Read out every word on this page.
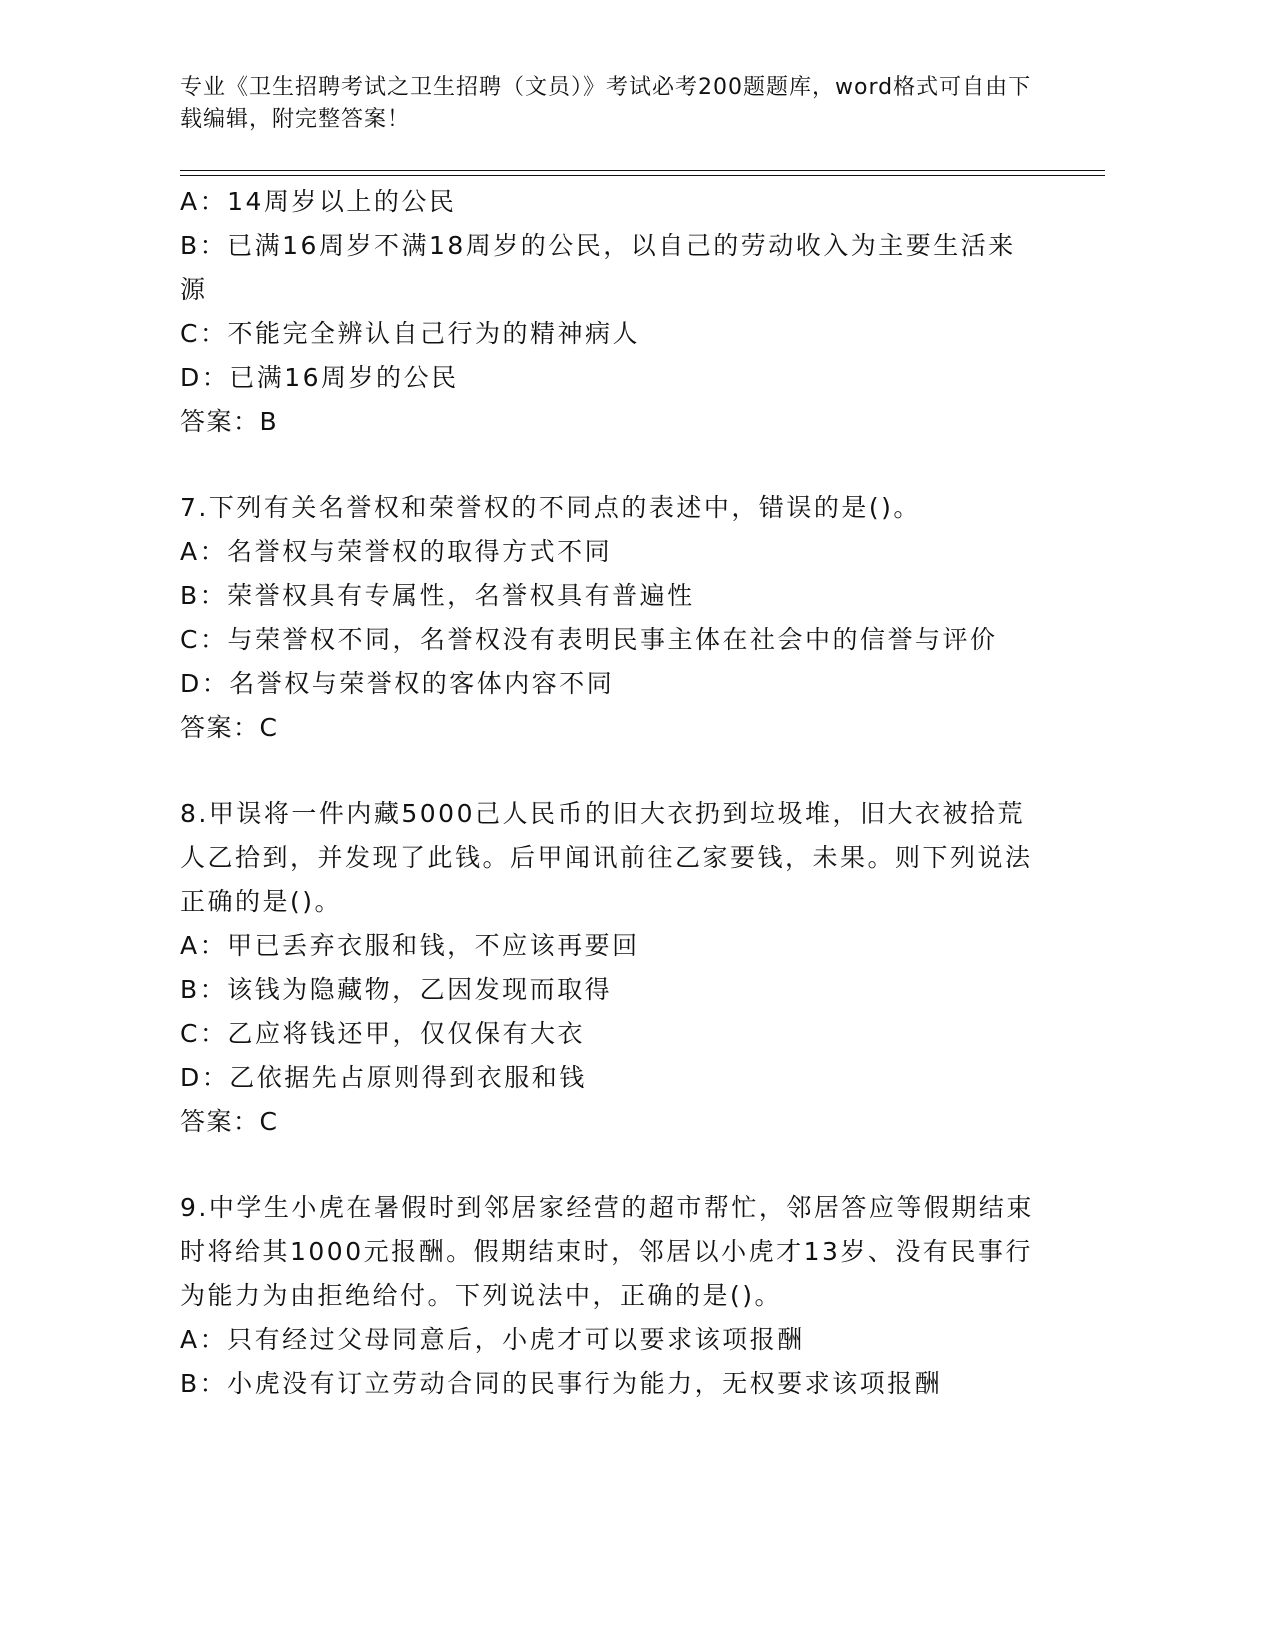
专业《卫生招聘考试之卫生招聘（文员）》考试必考200题题库，word格式可自由下载编辑，附完整答案！

A：14周岁以上的公民

B：已满16周岁不满18周岁的公民，以自己的劳动收入为主要生活来源

C：不能完全辨认自己行为的精神病人

D：已满16周岁的公民

答案：B

7.下列有关名誉权和荣誉权的不同点的表述中，错误的是()。

A：名誉权与荣誉权的取得方式不同

B：荣誉权具有专属性，名誉权具有普遍性

C：与荣誉权不同，名誉权没有表明民事主体在社会中的信誉与评价

D：名誉权与荣誉权的客体内容不同

答案：C

8.甲误将一件内藏5000己人民币的旧大衣扔到垃圾堆，旧大衣被拾荒人乙拾到，并发现了此钱。后甲闻讯前往乙家要钱，未果。则下列说法正确的是()。

A：甲已丢弃衣服和钱，不应该再要回

B：该钱为隐藏物，乙因发现而取得

C：乙应将钱还甲，仅仅保有大衣

D：乙依据先占原则得到衣服和钱

答案：C

9.中学生小虎在暑假时到邻居家经营的超市帮忙，邻居答应等假期结束时将给其1000元报酬。假期结束时，邻居以小虎才13岁、没有民事行为能力为由拒绝给付。下列说法中，正确的是()。

A：只有经过父母同意后，小虎才可以要求该项报酬

B：小虎没有订立劳动合同的民事行为能力，无权要求该项报酬
